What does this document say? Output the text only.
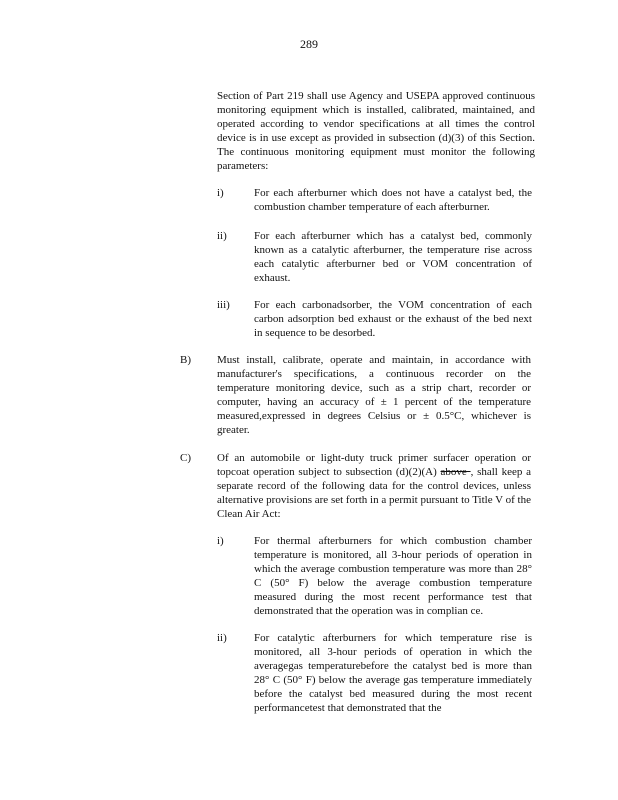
289
Section of Part 219 shall use Agency and USEPA approved continuous monitoring equipment which is installed, calibrated, maintained, and operated according to vendor specifications at all times the control device is in use except as provided in subsection (d)(3) of this Section. The continuous monitoring equipment must monitor the following parameters:
i)	For each afterburner which does not have a catalyst bed, the combustion chamber temperature of each afterburner.
ii) For each afterburner which has a catalyst bed, commonly known as a catalytic afterburner, the temperature rise across each catalytic afterburner bed or VOM concentration of exhaust.
iii) For each carbonadsorber, the VOM concentration of each carbon adsorption bed exhaust or the exhaust of the bed next in sequence to be desorbed.
B) Must install, calibrate, operate and maintain, in accordance with manufacturer's specifications, a continuous recorder on the temperature monitoring device, such as a strip chart, recorder or computer, having an accuracy of ± 1 percent of the temperature measured,expressed in degrees Celsius or ± 0.5°C, whichever is greater.
C) Of an automobile or light-duty truck primer surfacer operation or topcoat operation subject to subsection (d)(2)(A) above , shall keep a separate record of the following data for the control devices, unless alternative provisions are set forth in a permit pursuant to Title V of the Clean Air Act:
i)	For thermal afterburners for which combustion chamber temperature is monitored, all 3-hour periods of operation in which the average combustion temperature was more than 28° C (50° F) below the average combustion temperature measured during the most recent performance test that demonstrated that the operation was in complian ce.
ii) For catalytic afterburners for which temperature rise is monitored, all 3-hour periods of operation in which the averagegas temperaturebefore the catalyst bed is more than 28° C (50° F) below the average gas temperature immediately before the catalyst bed measured during the most recent performancetest that demonstrated that the
